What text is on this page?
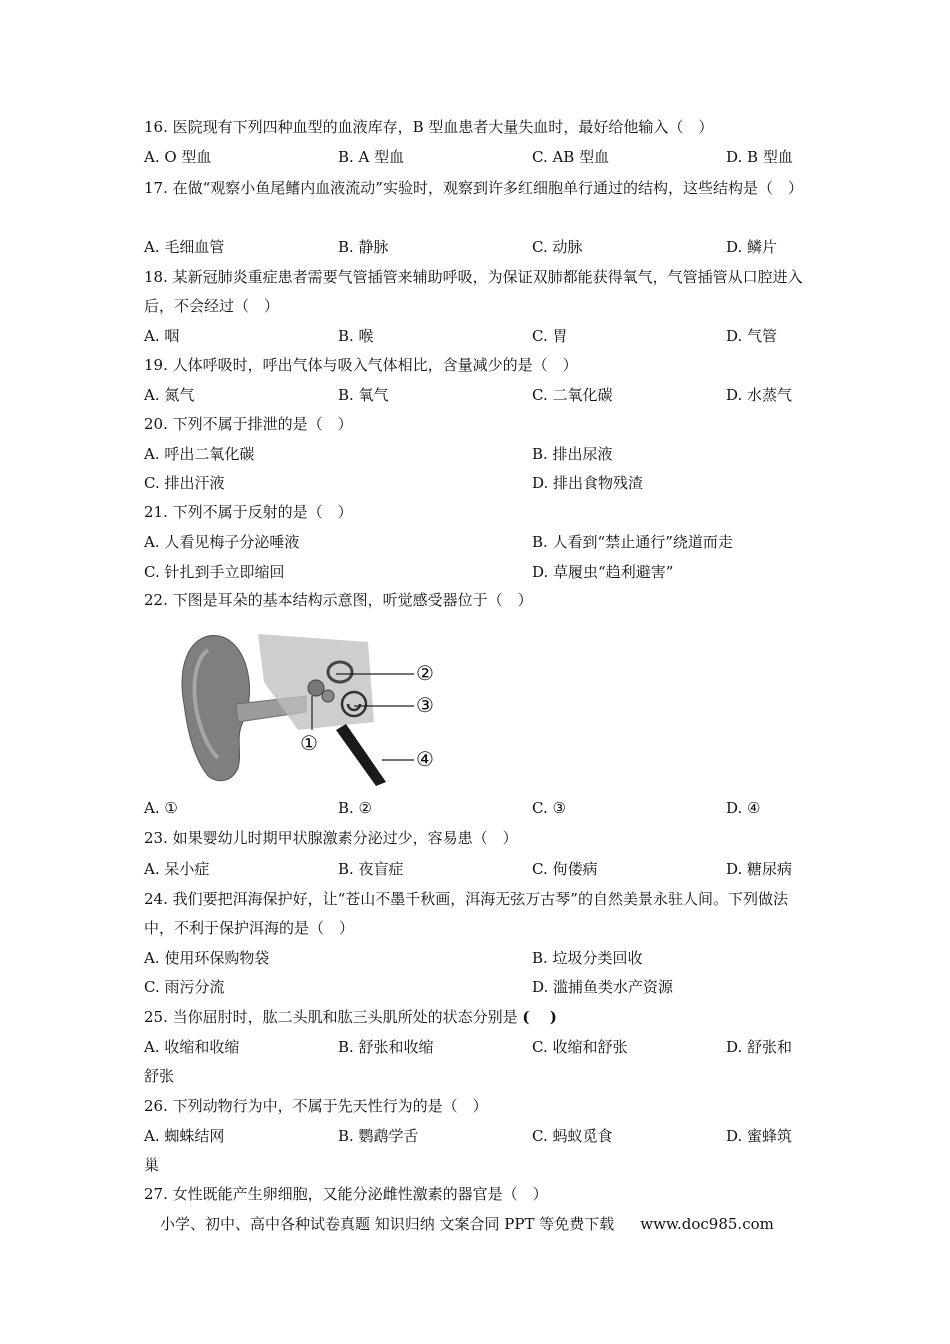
16. 医院现有下列四种血型的血液库存，B 型血患者大量失血时，最好给他输入（　）
A. O 型血	B. A 型血	C. AB 型血	D. B 型血
17. 在做“观察小鱼尾鳍内血液流动”实验时，观察到许多红细胞单行通过的结构，这些结构是（　）
A. 毛细血管	B. 静脉	C. 动脉	D. 鳞片
18. 某新冠肺炎重症患者需要气管插管来辅助呼吸，为保证双肺都能获得氧气，气管插管从口腔进入后，不会经过（　）
A. 咽	B. 喉	C. 胃	D. 气管
19. 人体呼吸时，呼出气体与吸入气体相比，含量减少的是（　）
A. 氮气	B. 氧气	C. 二氧化碳	D. 水蒸气
20. 下列不属于排泄的是（　）
A. 呼出二氧化碳	B. 排出尿液
C. 排出汗液	D. 排出食物残渣
21. 下列不属于反射的是（　）
A. 人看见梅子分泌唾液	B. 人看到“禁止通行”绕道而走
C. 针扎到手立即缩回	D. 草履虫“趋利避害”
22. 下图是耳朵的基本结构示意图，听觉感受器位于（　）
②
③
①
④
A. ①	B. ②	C. ③	D. ④
23. 如果婴幼儿时期甲状腺激素分泌过少，容易患（　）
A. 呆小症	B. 夜盲症	C. 佝偻病	D. 糖尿病
24. 我们要把洱海保护好，让“苍山不墨千秋画，洱海无弦万古琴”的自然美景永驻人间。下列做法中，不利于保护洱海的是（　）
A. 使用环保购物袋	B. 垃圾分类回收
C. 雨污分流	D. 滥捕鱼类水产资源
25. 当你屈肘时，肱二头肌和肱三头肌所处的状态分别是 (　 )
A. 收缩和收缩	B. 舒张和收缩	C. 收缩和舒张	D. 舒张和
舒张
26. 下列动物行为中，不属于先天性行为的是（　）
A. 蜘蛛结网	B. 鹦鹉学舌	C. 蚂蚁觅食	D. 蜜蜂筑
巢
27. 女性既能产生卵细胞，又能分泌雌性激素的器官是（　）
小学、初中、高中各种试卷真题 知识归纳 文案合同 PPT 等免费下载 www.doc985.com
